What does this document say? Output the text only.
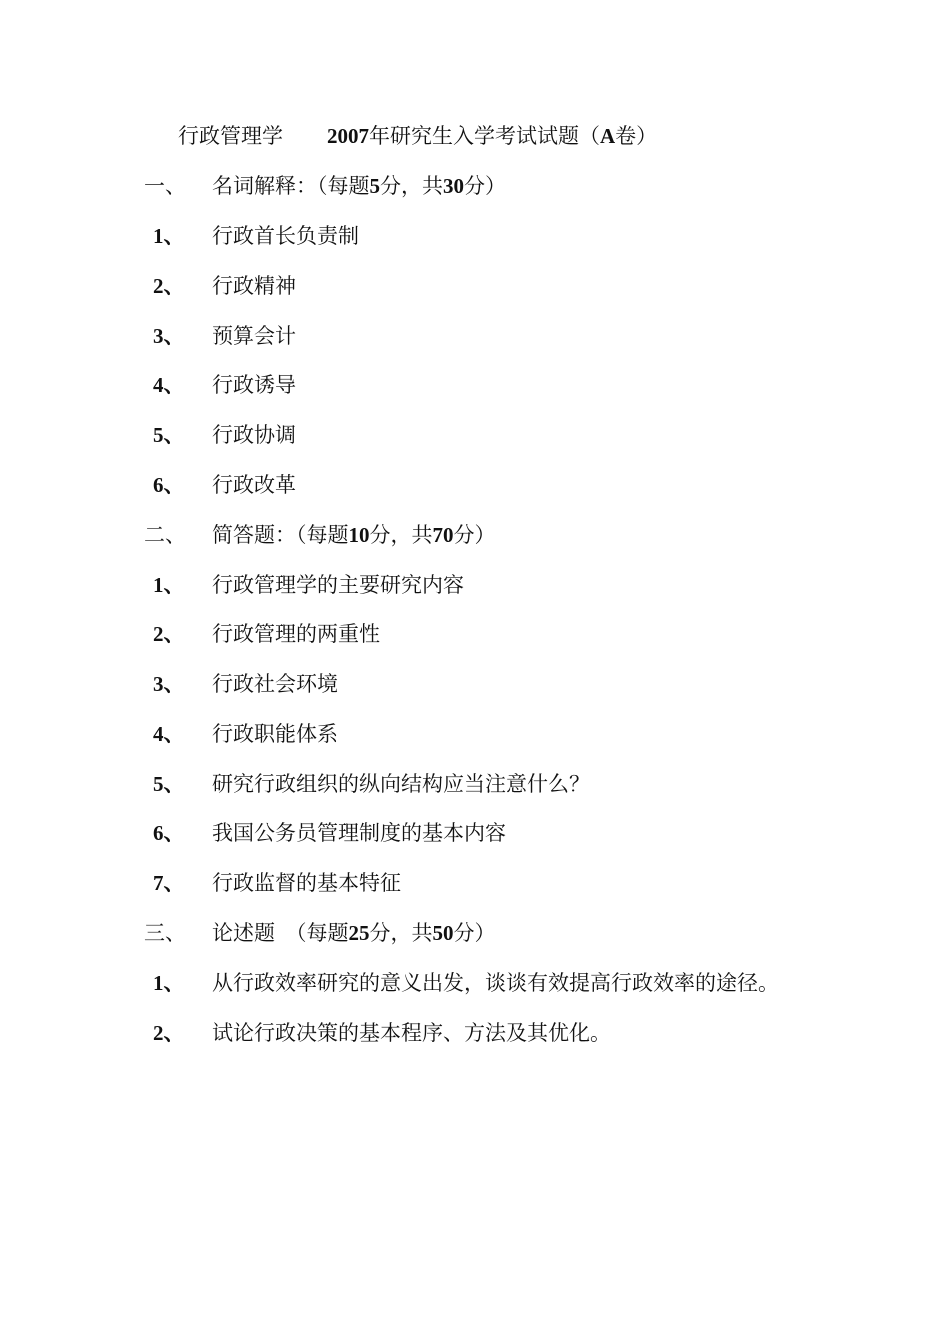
行政管理学 2007年研究生入学考试试题（A卷）
一、 名词解释：（每题5分，共30分）
1、 行政首长负责制
2、 行政精神
3、 预算会计
4、 行政诱导
5、 行政协调
6、 行政改革
二、 简答题：（每题10分，共70分）
1、 行政管理学的主要研究内容
2、 行政管理的两重性
3、 行政社会环境
4、 行政职能体系
5、 研究行政组织的纵向结构应当注意什么？
6、 我国公务员管理制度的基本内容
7、 行政监督的基本特征
三、 论述题　（每题25分，共50分）
1、 从行政效率研究的意义出发，谈谈有效提高行政效率的途径。
2、 试论行政决策的基本程序、方法及其优化。
